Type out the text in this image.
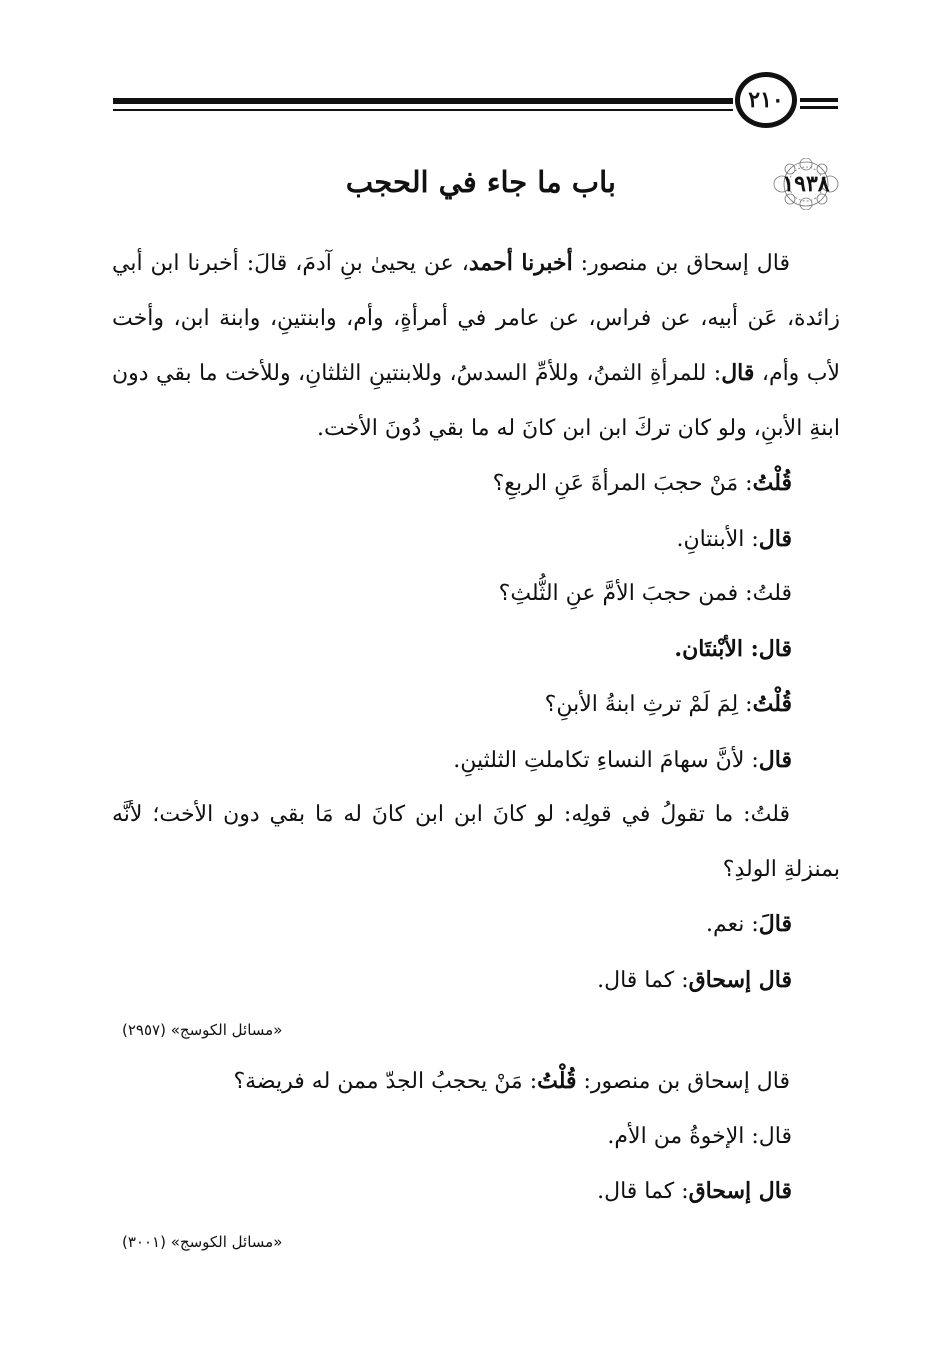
٢١٠
١٩٣٨
باب ما جاء في الحجب

قال إسحاق بن منصور: أخبرنا أحمد، عن يحيىٰ بنِ آدمَ، قالَ: أخبرنا ابن أبي زائدة، عَن أبيه، عن فراس، عن عامر في أمرأةٍ، وأم، وابنتينِ، وابنة ابن، وأخت لأب وأم، قال: للمرأةِ الثمنُ، وللأمِّ السدسُ، وللابنتينِ الثلثانِ، وللأخت ما بقي دون ابنةِ الأبنِ، ولو كان تركَ ابن ابن كانَ له ما بقي دُونَ الأخت.

قُلْتُ: مَنْ حجبَ المرأةَ عَنِ الربعِ؟

قال: الأبنتانِ.

قلتُ: فمن حجبَ الأمَّ عنِ الثُّلثِ؟

قال: الأبْنتَان.

قُلْتُ: لِمَ لَمْ ترثِ ابنةُ الأبنِ؟

قال: لأنَّ سهامَ النساءِ تكاملتِ الثلثينِ.

قلتُ: ما تقولُ في قولِه: لو كانَ ابن ابن كانَ له مَا بقي دون الأخت؛ لأنَّه بمنزلةِ الولدِ؟

قالَ: نعم.

قال إسحاق: كما قال.

«مسائل الكوسج» (٢٩٥٧)

قال إسحاق بن منصور: قُلْتُ: مَنْ يحجبُ الجدّ ممن له فريضة؟

قال: الإخوةُ من الأم.

قال إسحاق: كما قال.

«مسائل الكوسج» (٣٠٠١)
